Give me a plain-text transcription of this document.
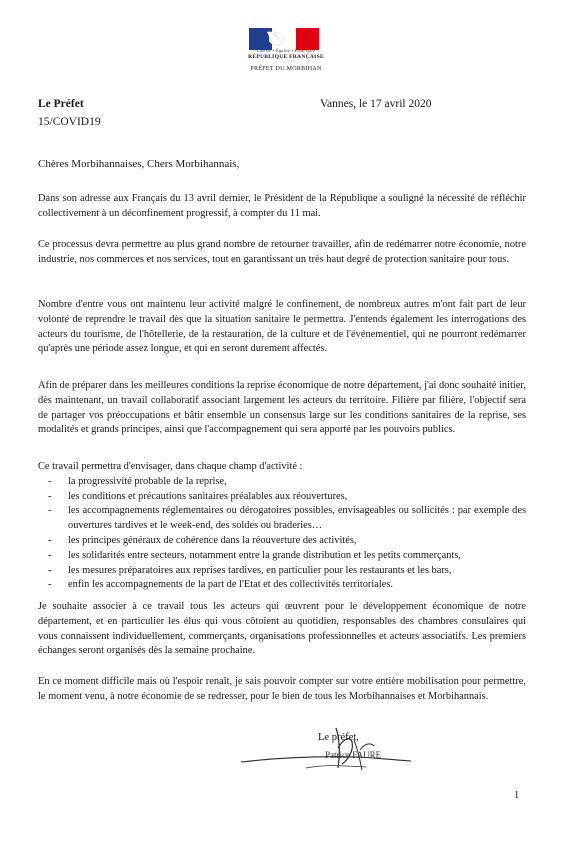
Liberté • Égalité • Fraternité
RÉPUBLIQUE FRANÇAISE
PRÉFET DU MORBIHAN
Le Préfet
15/COVID19
Vannes, le 17 avril 2020
Chères Morbihannaises, Chers Morbihannais,
Dans son adresse aux Français du 13 avril dernier, le Président de la République a souligné la nécessité de réfléchir collectivement à un déconfinement progressif, à compter du 11 mai.
Ce processus devra permettre au plus grand nombre de retourner travailler, afin de redémarrer notre économie, notre industrie, nos commerces et nos services, tout en garantissant un très haut degré de protection sanitaire pour tous.
Nombre d'entre vous ont maintenu leur activité malgré le confinement, de nombreux autres m'ont fait part de leur volonté de reprendre le travail dès que la situation sanitaire le permettra. J'entends également les interrogations des acteurs du tourisme, de l'hôtellerie, de la restauration, de la culture et de l'événementiel, qui ne pourront redémarrer qu'après une période assez longue, et qui en seront durement affectés.
Afin de préparer dans les meilleures conditions la reprise économique de notre département, j'ai donc souhaité initier, dès maintenant, un travail collaboratif associant largement les acteurs du territoire. Filière par filière, l'objectif sera de partager vos préoccupations et bâtir ensemble un consensus large sur les conditions sanitaires de la reprise, ses modalités et grands principes, ainsi que l'accompagnement qui sera apporté par les pouvoirs publics.
Ce travail permettra d'envisager, dans chaque champ d'activité :
- la progressivité probable de la reprise,
- les conditions et précautions sanitaires préalables aux réouvertures,
- les accompagnements réglementaires ou dérogatoires possibles, envisageables ou sollicités : par exemple des ouvertures tardives et le week-end, des soldes ou braderies…
- les principes généraux de cohérence dans la réouverture des activités,
- les solidarités entre secteurs, notamment entre la grande distribution et les petits commerçants,
- les mesures préparatoires aux reprises tardives, en particulier pour les restaurants et les bars,
- enfin les accompagnements de la part de l'Etat et des collectivités territoriales.
Je souhaite associer à ce travail tous les acteurs qui œuvrent pour le développement économique de notre département, et en particulier les élus qui vous côtoient au quotidien, responsables des chambres consulaires qui vous connaissent individuellement, commerçants, organisations professionnelles et acteurs associatifs. Les premiers échanges seront organisés dès la semaine prochaine.
En ce moment difficile mais où l'espoir renaît, je sais pouvoir compter sur votre entière mobilisation pour permettre, le moment venu, à notre économie de se redresser, pour le bien de tous les Morbihannaises et Morbihannais.
Le préfet,
Patrice FAURE
1
